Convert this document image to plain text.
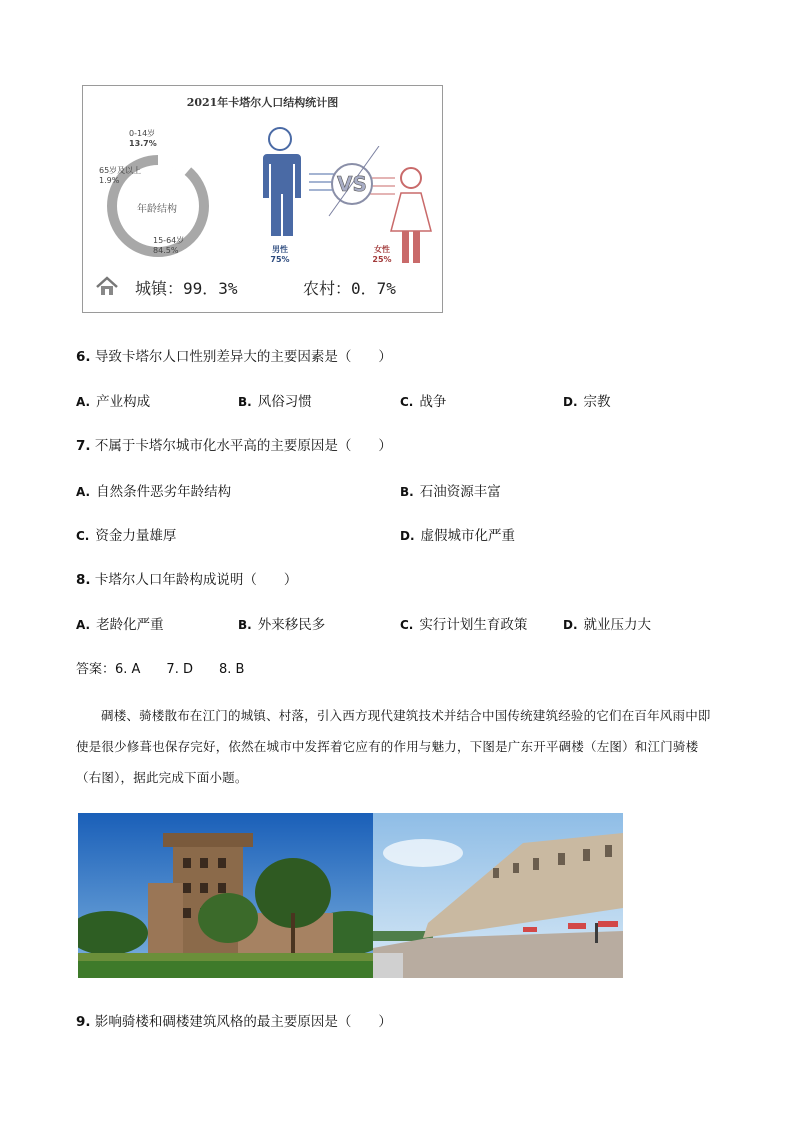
2021年卡塔尔人口结构统计图
年龄结构
0-14岁
13.7%
65岁及以上
1.9%
15-64岁
84.5%	男性
75%
VS
女性
25%
城镇：99．3%	农村：0．7%
6. 导致卡塔尔人口性别差异大的主要因素是（　　）
A. 产业构成	B. 风俗习惯	C. 战争	D. 宗教
7. 不属于卡塔尔城市化水平高的主要原因是（　　）
A. 自然条件恶劣年龄结构	B. 石油资源丰富
C. 资金力量雄厚	D. 虚假城市化严重
8. 卡塔尔人口年龄构成说明（　　）
A. 老龄化严重	B. 外来移民多	C. 实行计划生育政策	D. 就业压力大
答案：6. A　　7. D　　8. B
碉楼、骑楼散布在江门的城镇、村落，引入西方现代建筑技术并结合中国传统建筑经验的它们在百年风雨中即使是很少修葺也保存完好，依然在城市中发挥着它应有的作用与魅力，下图是广东开平碉楼（左图）和江门骑楼（右图），据此完成下面小题。
9. 影响骑楼和碉楼建筑风格的最主要原因是（　　）
